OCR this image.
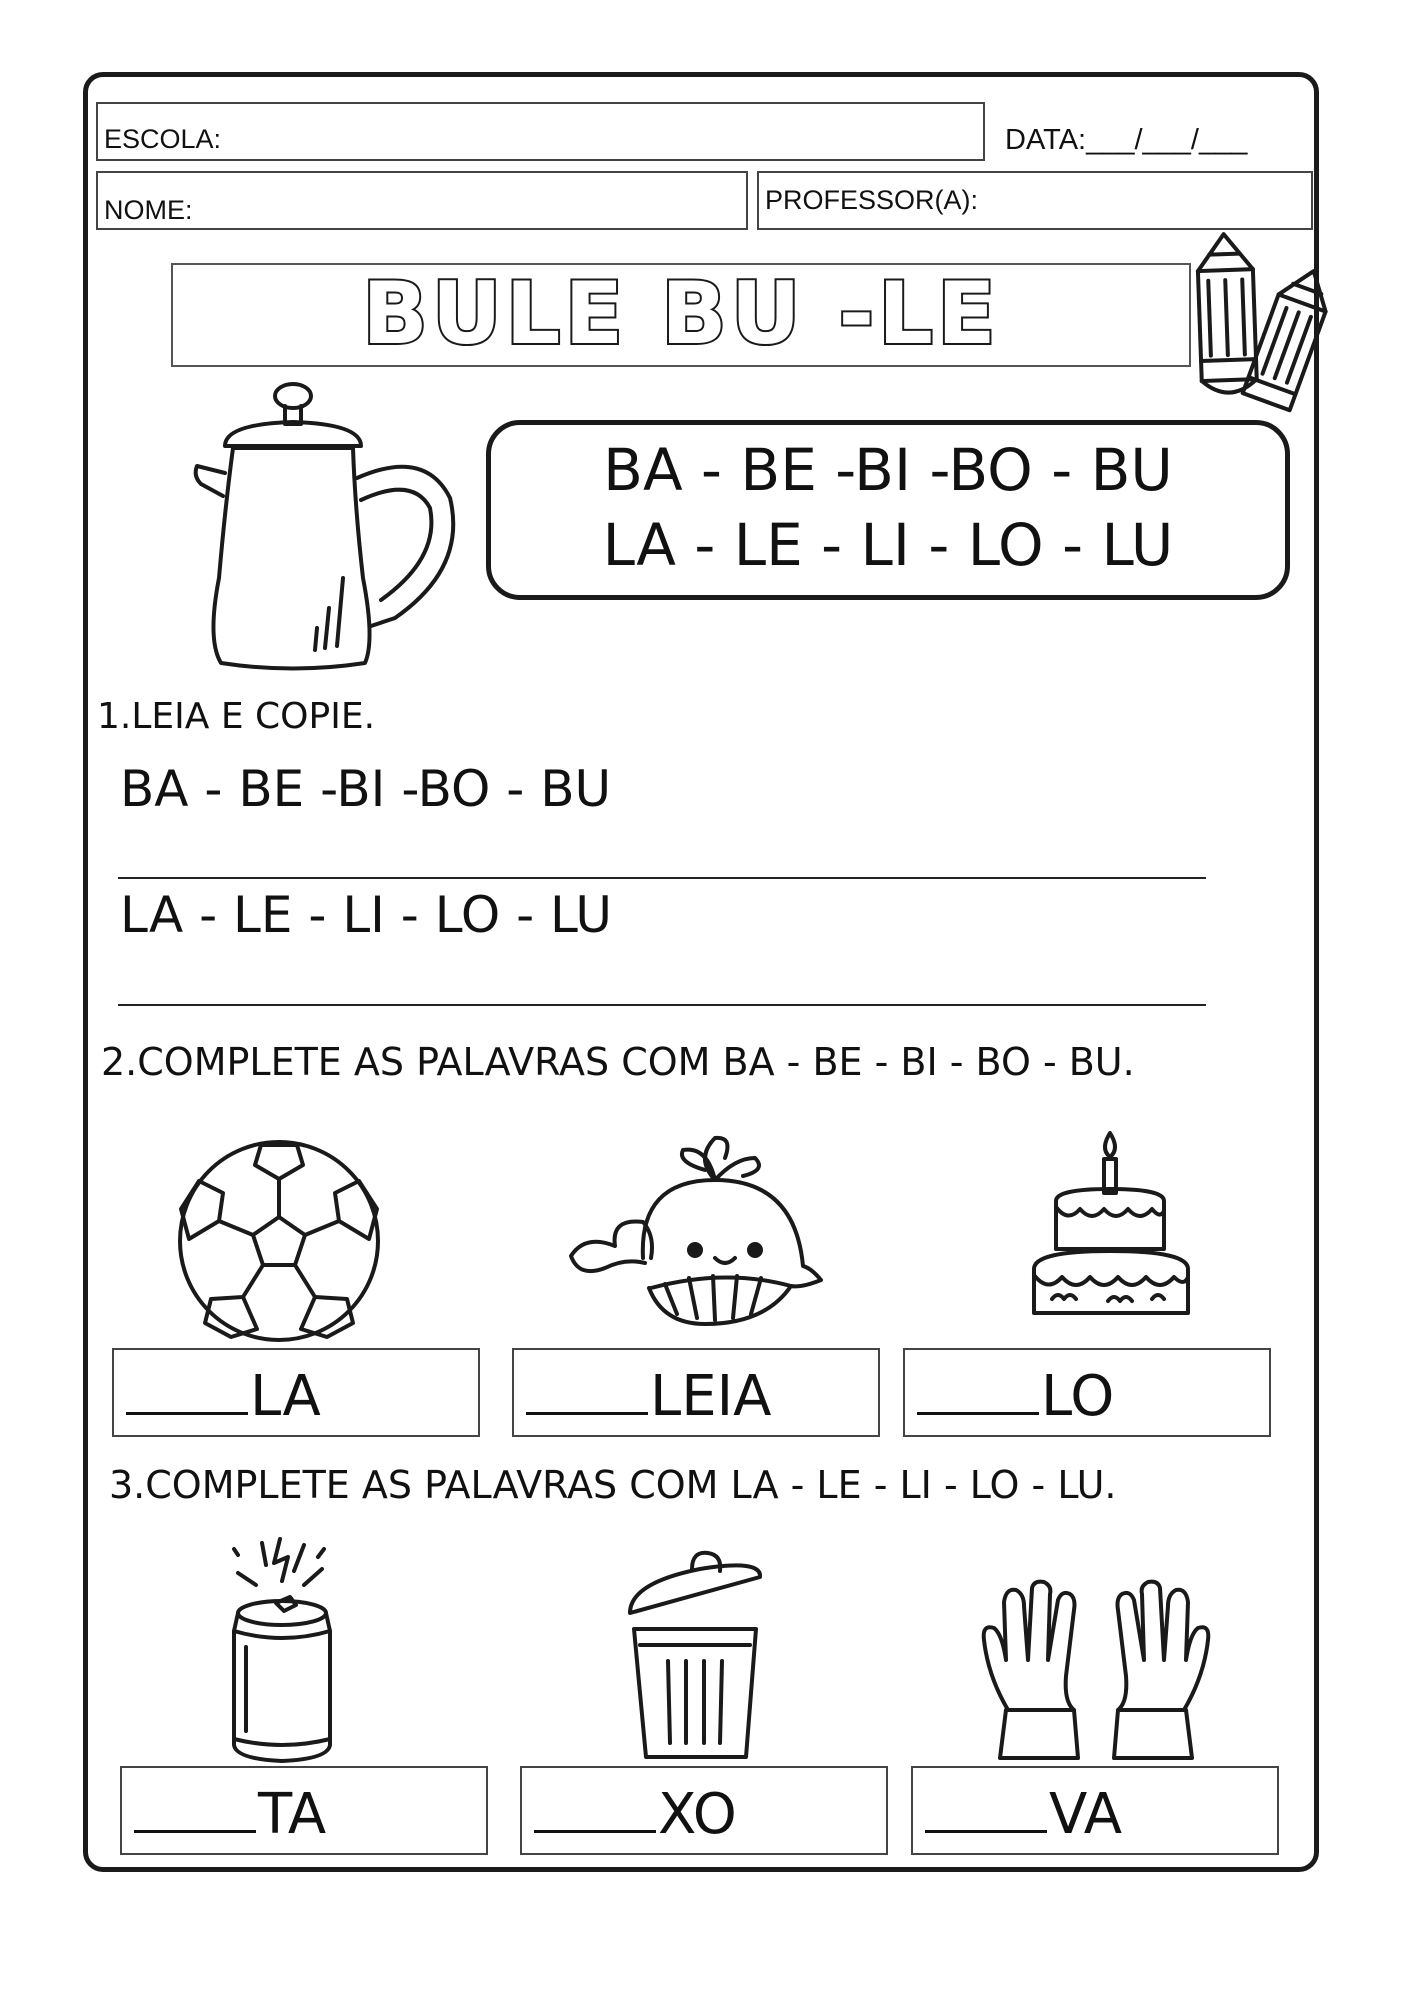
ESCOLA:	DATA:___/___/___
NOME:	PROFESSOR(A):
BULE BU -LE
BA - BE -BI -BO - BU
LA - LE - LI - LO - LU
1.LEIA E COPIE.
BA - BE -BI -BO - BU
LA - LE - LI - LO - LU
2.COMPLETE AS PALAVRAS COM BA - BE - BI - BO - BU.
LA	LEIA	LO
3.COMPLETE AS PALAVRAS COM LA - LE - LI - LO - LU.
TA	XO	VA
